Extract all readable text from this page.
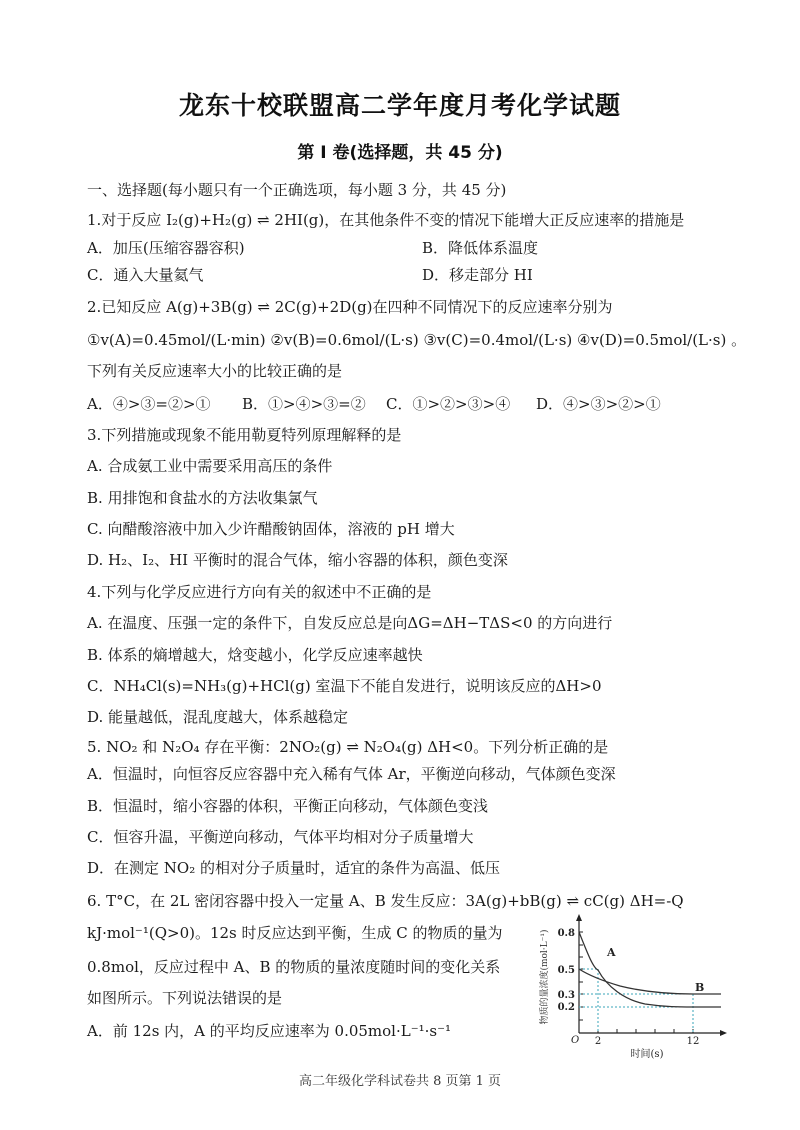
龙东十校联盟高二学年度月考化学试题
第 I 卷(选择题，共 45 分)
一、选择题(每小题只有一个正确选项，每小题 3 分，共 45 分)
1.对于反应 I₂(g)+H₂(g) ⇌ 2HI(g)，在其他条件不变的情况下能增大正反应速率的措施是
A．加压(压缩容器容积)	B．降低体系温度
C．通入大量氦气	D．移走部分 HI
2.已知反应 A(g)+3B(g) ⇌ 2C(g)+2D(g)在四种不同情况下的反应速率分别为
①v(A)=0.45mol/(L·min) ②v(B)=0.6mol/(L·s) ③v(C)=0.4mol/(L·s) ④v(D)=0.5mol/(L·s) 。
下列有关反应速率大小的比较正确的是
A．④>③=②>① B．①>④>③=② C．①>②>③>④ D．④>③>②>①
3.下列措施或现象不能用勒夏特列原理解释的是
A. 合成氨工业中需要采用高压的条件
B. 用排饱和食盐水的方法收集氯气
C. 向醋酸溶液中加入少许醋酸钠固体，溶液的 pH 增大
D. H₂、I₂、HI 平衡时的混合气体，缩小容器的体积，颜色变深
4.下列与化学反应进行方向有关的叙述中不正确的是
A. 在温度、压强一定的条件下，自发反应总是向ΔG=ΔH−TΔS<0 的方向进行
B. 体系的熵增越大，焓变越小，化学反应速率越快
C．NH₄Cl(s)=NH₃(g)+HCl(g) 室温下不能自发进行，说明该反应的ΔH>0
D. 能量越低，混乱度越大，体系越稳定
5. NO₂ 和 N₂O₄ 存在平衡：2NO₂(g) ⇌ N₂O₄(g) ΔH<0。下列分析正确的是
A．恒温时，向恒容反应容器中充入稀有气体 Ar，平衡逆向移动，气体颜色变深
B．恒温时，缩小容器的体积，平衡正向移动，气体颜色变浅
C．恒容升温，平衡逆向移动，气体平均相对分子质量增大
D．在测定 NO₂ 的相对分子质量时，适宜的条件为高温、低压
6. T°C，在 2L 密闭容器中投入一定量 A、B 发生反应：3A(g)+bB(g) ⇌ cC(g) ΔH=-Q
kJ·mol⁻¹(Q>0)。12s 时反应达到平衡，生成 C 的物质的量为
0.8mol，反应过程中 A、B 的物质的量浓度随时间的变化关系
如图所示。下列说法错误的是
A．前 12s 内，A 的平均反应速率为 0.05mol·L⁻¹·s⁻¹
物质的量浓度(mol·L⁻¹)	A
B
0.8
0.5
0.3
0.2
O 2	12
时间(s)
高二年级化学科试卷共 8 页第 1 页
